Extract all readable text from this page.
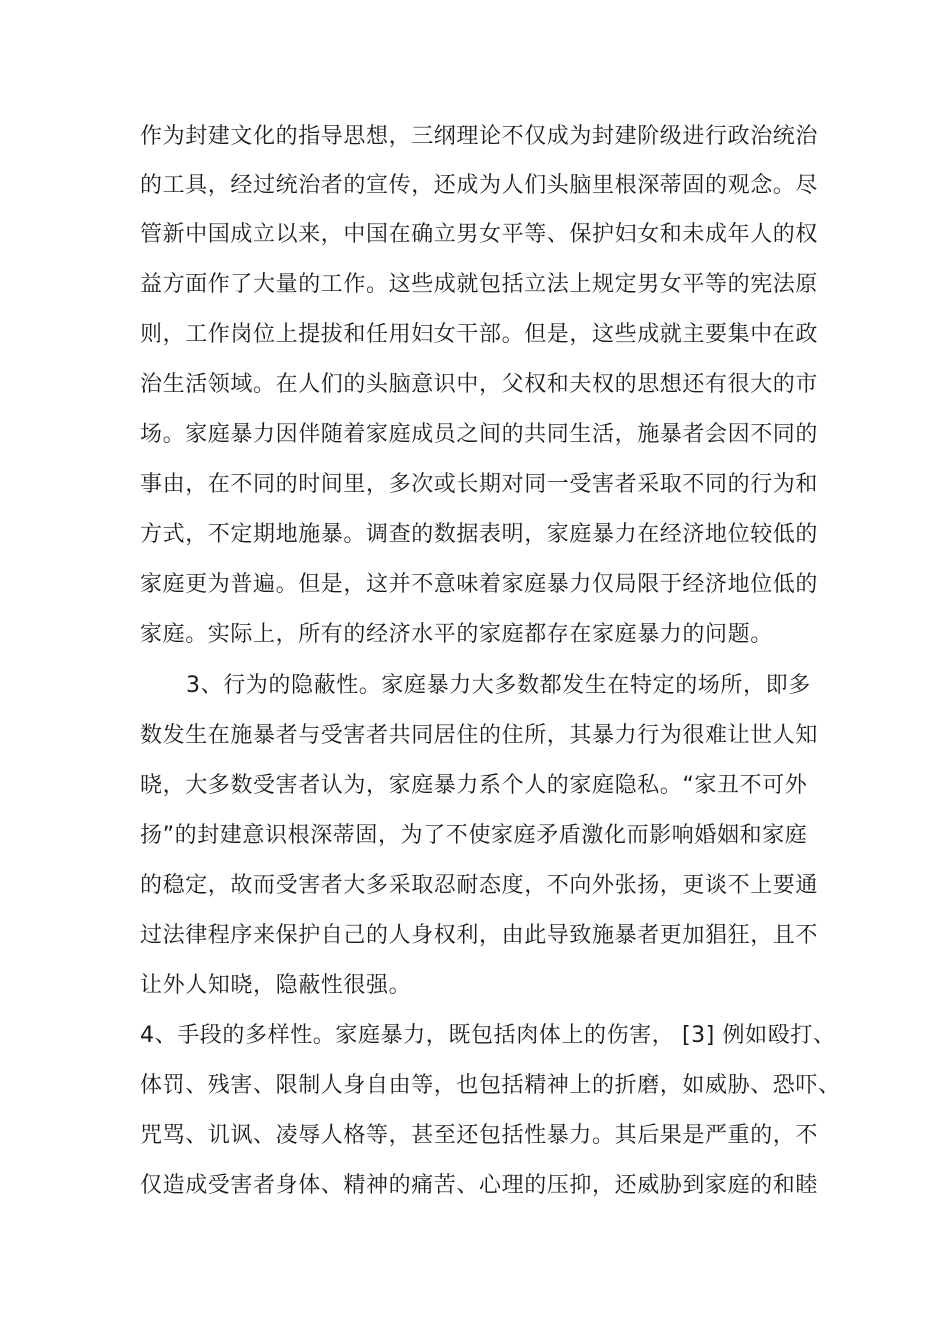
作为封建文化的指导思想，三纲理论不仅成为封建阶级进行政治统治
的工具，经过统治者的宣传，还成为人们头脑里根深蒂固的观念。尽
管新中国成立以来，中国在确立男女平等、保护妇女和未成年人的权
益方面作了大量的工作。这些成就包括立法上规定男女平等的宪法原
则，工作岗位上提拔和任用妇女干部。但是，这些成就主要集中在政
治生活领域。在人们的头脑意识中，父权和夫权的思想还有很大的市
场。家庭暴力因伴随着家庭成员之间的共同生活，施暴者会因不同的
事由，在不同的时间里，多次或长期对同一受害者采取不同的行为和
方式，不定期地施暴。调查的数据表明，家庭暴力在经济地位较低的
家庭更为普遍。但是，这并不意味着家庭暴力仅局限于经济地位低的
家庭。实际上，所有的经济水平的家庭都存在家庭暴力的问题。
3、行为的隐蔽性。家庭暴力大多数都发生在特定的场所，即多
数发生在施暴者与受害者共同居住的住所，其暴力行为很难让世人知
晓，大多数受害者认为，家庭暴力系个人的家庭隐私。“家丑不可外
扬”的封建意识根深蒂固，为了不使家庭矛盾激化而影响婚姻和家庭
的稳定，故而受害者大多采取忍耐态度，不向外张扬，更谈不上要通
过法律程序来保护自己的人身权利，由此导致施暴者更加猖狂，且不
让外人知晓，隐蔽性很强。
4、手段的多样性。家庭暴力，既包括肉体上的伤害， [3] 例如殴打、
体罚、残害、限制人身自由等，也包括精神上的折磨，如威胁、恐吓、
咒骂、讥讽、凌辱人格等，甚至还包括性暴力。其后果是严重的，不
仅造成受害者身体、精神的痛苦、心理的压抑，还威胁到家庭的和睦
